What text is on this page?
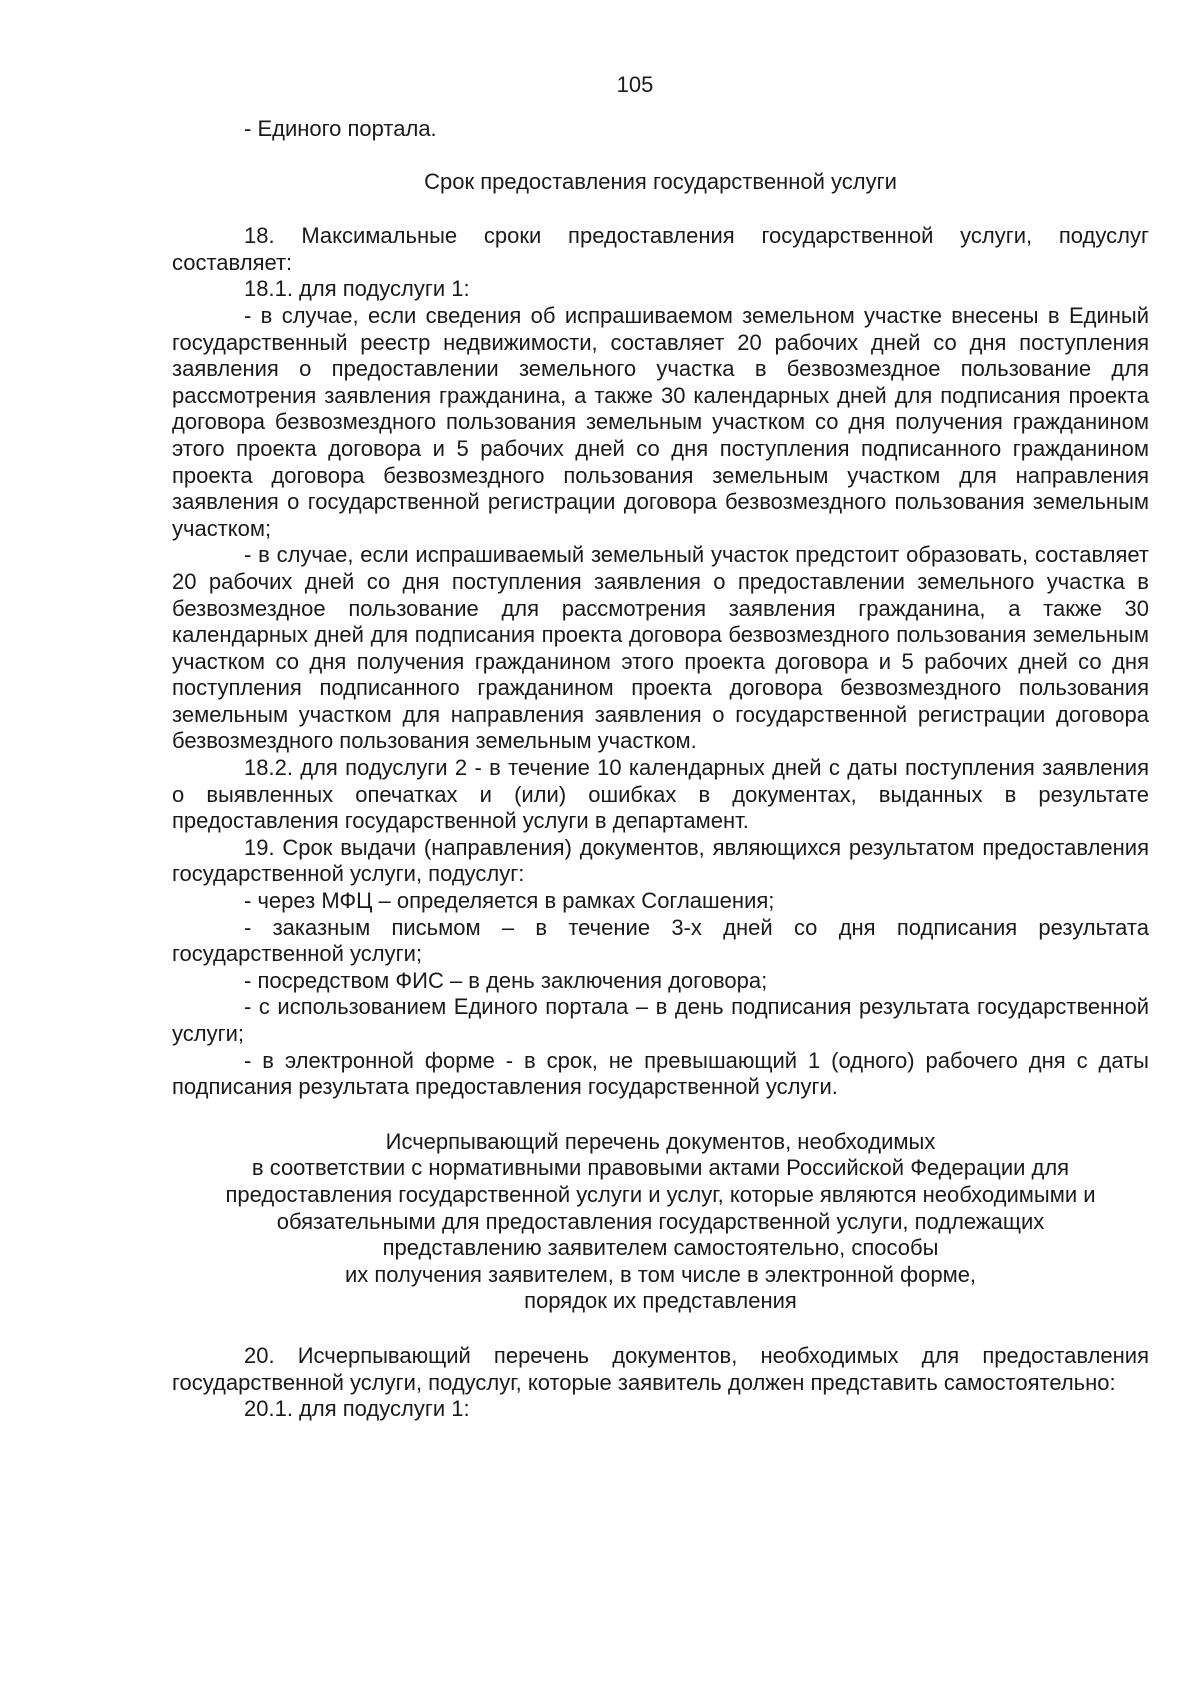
105

- Единого портала.

Срок предоставления государственной услуги

18. Максимальные сроки предоставления государственной услуги, подуслуг составляет:

18.1. для подуслуги 1:

- в случае, если сведения об испрашиваемом земельном участке внесены в Единый государственный реестр недвижимости, составляет 20 рабочих дней со дня поступления заявления о предоставлении земельного участка в безвозмездное пользование для рассмотрения заявления гражданина, а также 30 календарных дней для подписания проекта договора безвозмездного пользования земельным участком со дня получения гражданином этого проекта договора и 5 рабочих дней со дня поступления подписанного гражданином проекта договора безвозмездного пользования земельным участком для направления заявления о государственной регистрации договора безвозмездного пользования земельным участком;

- в случае, если испрашиваемый земельный участок предстоит образовать, составляет 20 рабочих дней со дня поступления заявления о предоставлении земельного участка в безвозмездное пользование для рассмотрения заявления гражданина, а также 30 календарных дней для подписания проекта договора безвозмездного пользования земельным участком со дня получения гражданином этого проекта договора и 5 рабочих дней со дня поступления подписанного гражданином проекта договора безвозмездного пользования земельным участком для направления заявления о государственной регистрации договора безвозмездного пользования земельным участком.

18.2. для подуслуги 2 - в течение 10 календарных дней с даты поступления заявления о выявленных опечатках и (или) ошибках в документах, выданных в результате предоставления государственной услуги в департамент.

19. Срок выдачи (направления) документов, являющихся результатом предоставления государственной услуги, подуслуг:

- через МФЦ – определяется в рамках Соглашения;

- заказным письмом – в течение 3-х дней со дня подписания результата государственной услуги;

- посредством ФИС – в день заключения договора;

- с использованием Единого портала – в день подписания результата государственной услуги;

- в электронной форме - в срок, не превышающий 1 (одного) рабочего дня с даты подписания результата предоставления государственной услуги.

Исчерпывающий перечень документов, необходимых
в соответствии с нормативными правовыми актами Российской Федерации для
предоставления государственной услуги и услуг, которые являются необходимыми и
обязательными для предоставления государственной услуги, подлежащих
представлению заявителем самостоятельно, способы
их получения заявителем, в том числе в электронной форме,
порядок их представления

20. Исчерпывающий перечень документов, необходимых для предоставления государственной услуги, подуслуг, которые заявитель должен представить самостоятельно:

20.1. для подуслуги 1:
